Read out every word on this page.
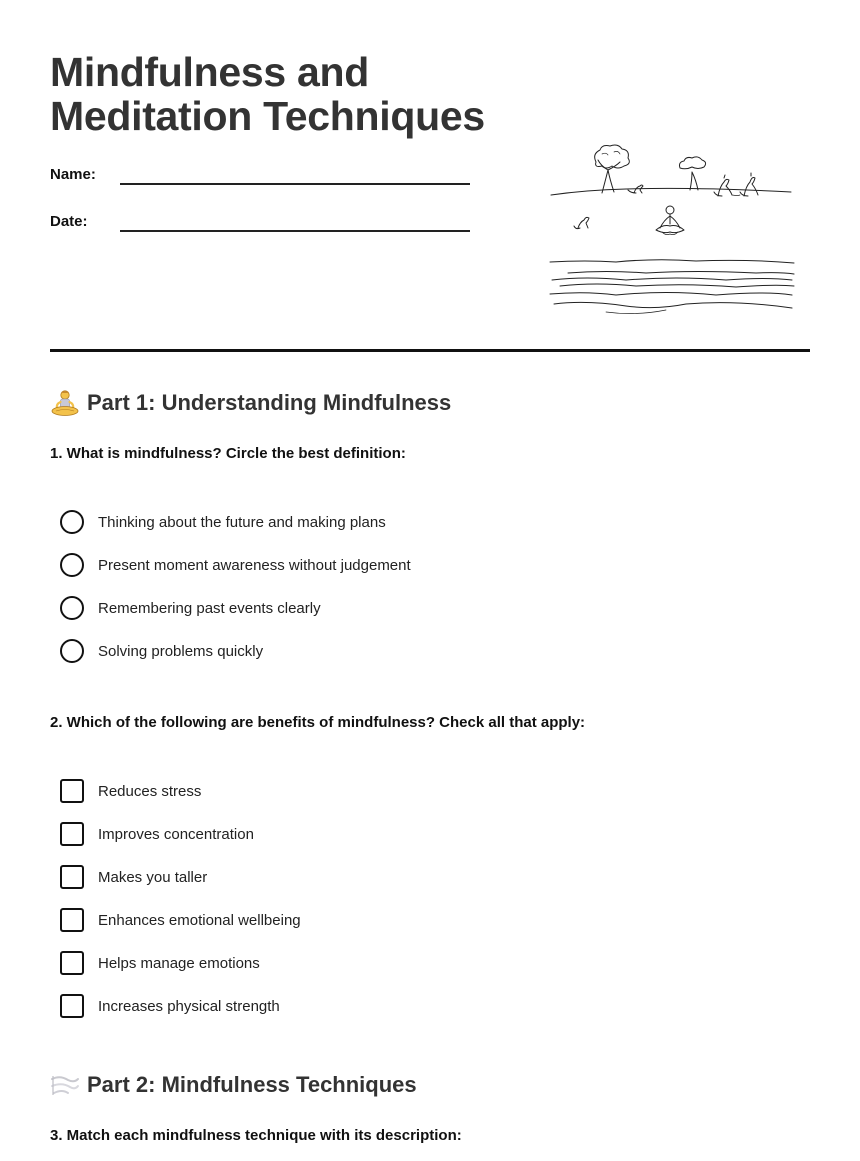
Mindfulness and
Meditation Techniques
Name:
Date:
Part 1: Understanding Mindfulness
1. What is mindfulness? Circle the best definition:
Thinking about the future and making plans
Present moment awareness without judgement
Remembering past events clearly
Solving problems quickly
2. Which of the following are benefits of mindfulness? Check all that apply:
Reduces stress
Improves concentration
Makes you taller
Enhances emotional wellbeing
Helps manage emotions
Increases physical strength
Part 2: Mindfulness Techniques
3. Match each mindfulness technique with its description:
